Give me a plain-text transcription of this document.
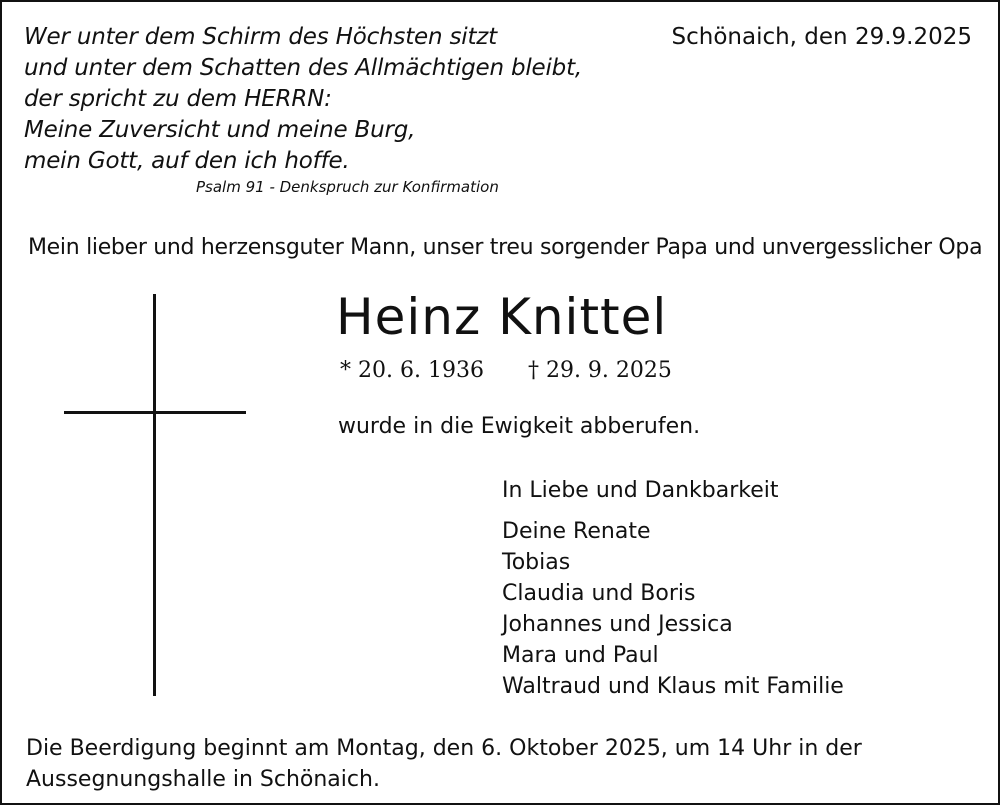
Wer unter dem Schirm des Höchsten sitzt
und unter dem Schatten des Allmächtigen bleibt,
der spricht zu dem HERRN:
Meine Zuversicht und meine Burg,
mein Gott, auf den ich hoffe.
Psalm 91 - Denkspruch zur Konfirmation
Schönaich, den 29.9.2025
Mein lieber und herzensguter Mann, unser treu sorgender Papa und unvergesslicher Opa
Heinz Knittel
* 20. 6. 1936 † 29. 9. 2025
wurde in die Ewigkeit abberufen.
In Liebe und Dankbarkeit
Deine Renate
Tobias
Claudia und Boris
Johannes und Jessica
Mara und Paul
Waltraud und Klaus mit Familie
Die Beerdigung beginnt am Montag, den 6. Oktober 2025, um 14 Uhr in der
Aussegnungshalle in Schönaich.
